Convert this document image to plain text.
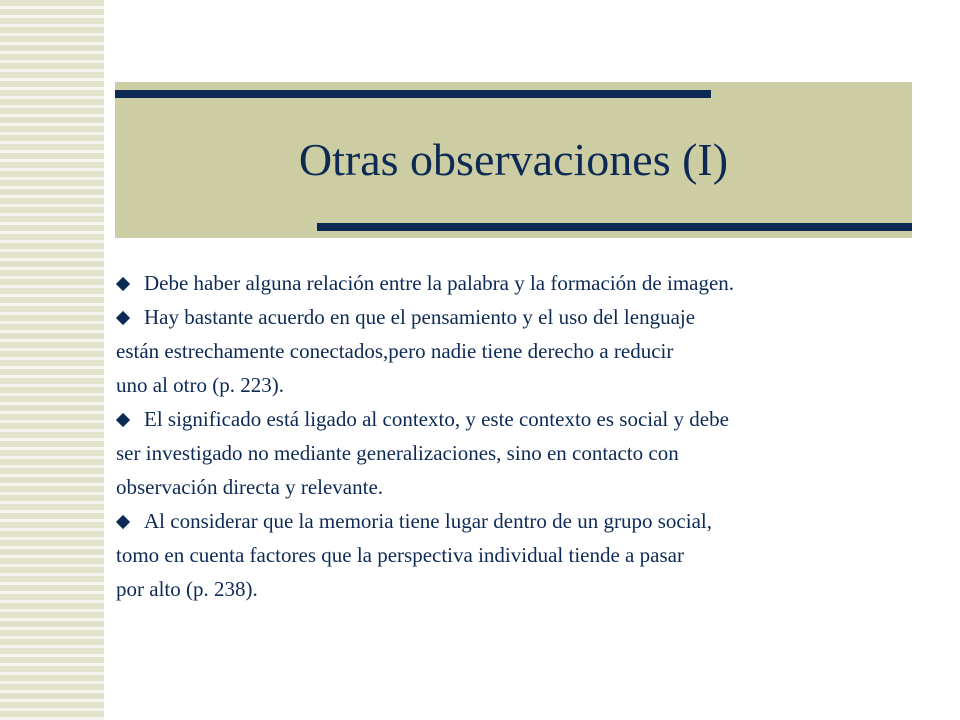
Otras observaciones (I)
Debe haber alguna relación entre la palabra y la formación de imagen.
Hay bastante acuerdo en que el pensamiento y el uso del lenguaje
están estrechamente conectados,pero nadie tiene derecho a reducir
uno al otro (p. 223).
El significado está ligado al contexto, y este contexto es social y debe
ser investigado no mediante generalizaciones, sino en contacto con
observación directa y relevante.
Al considerar que la memoria tiene lugar dentro de un grupo social,
tomo en cuenta factores que la perspectiva individual tiende a pasar
por alto (p. 238).
